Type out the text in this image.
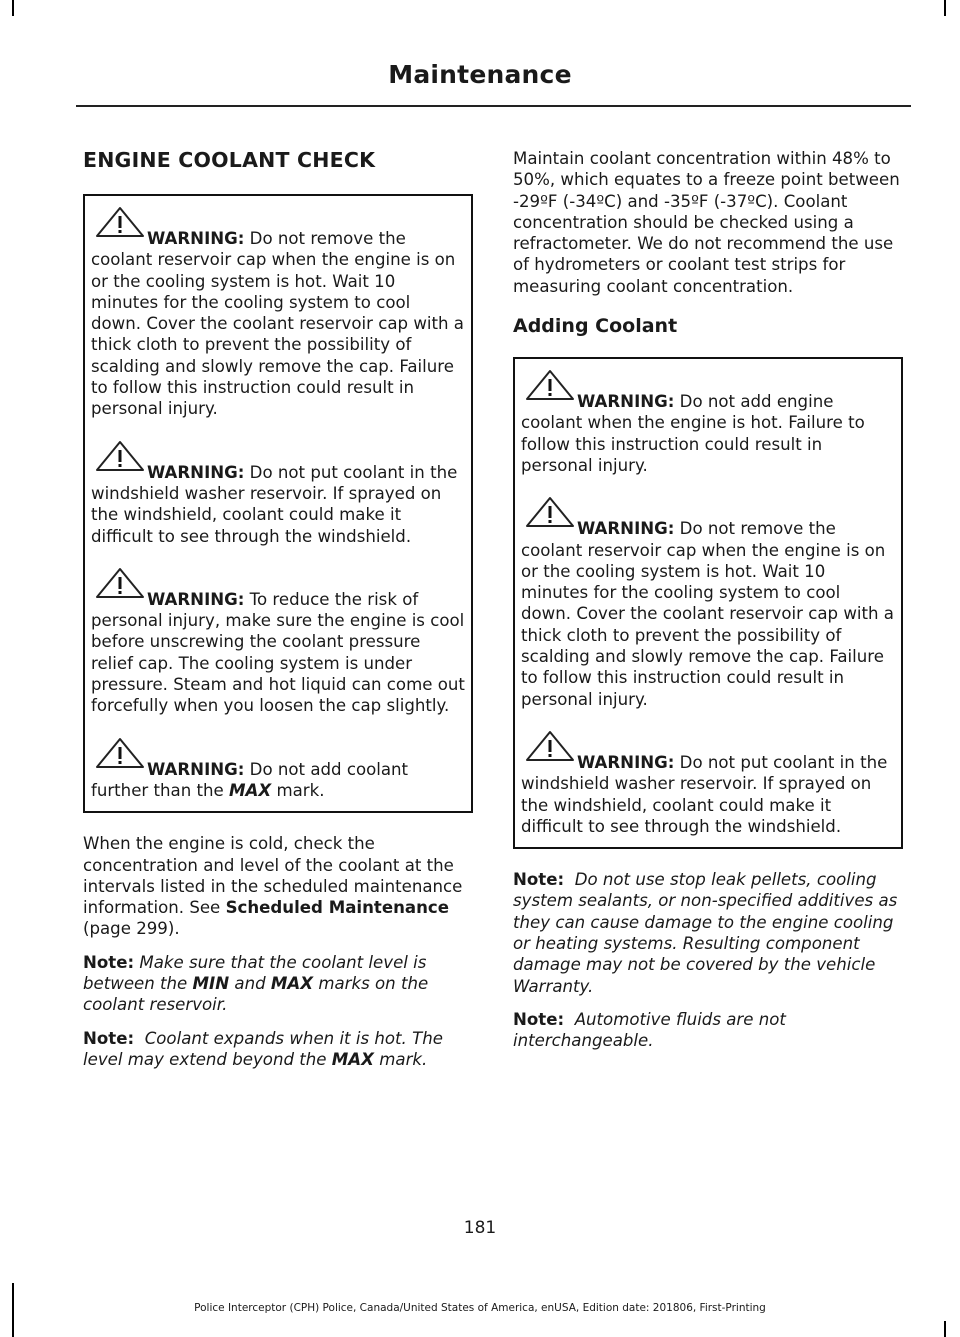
Maintenance
ENGINE COOLANT CHECK

WARNING: Do not remove the coolant reservoir cap when the engine is on or the cooling system is hot. Wait 10 minutes for the cooling system to cool down. Cover the coolant reservoir cap with a thick cloth to prevent the possibility of scalding and slowly remove the cap. Failure to follow this instruction could result in personal injury.

WARNING: Do not put coolant in the windshield washer reservoir. If sprayed on the windshield, coolant could make it difficult to see through the windshield.

WARNING: To reduce the risk of personal injury, make sure the engine is cool before unscrewing the coolant pressure relief cap. The cooling system is under pressure. Steam and hot liquid can come out forcefully when you loosen the cap slightly.

WARNING: Do not add coolant further than the MAX mark.

When the engine is cold, check the concentration and level of the coolant at the intervals listed in the scheduled maintenance information. See Scheduled Maintenance (page 299).

Note: Make sure that the coolant level is between the MIN and MAX marks on the coolant reservoir.

Note: Coolant expands when it is hot. The level may extend beyond the MAX mark.

Maintain coolant concentration within 48% to 50%, which equates to a freeze point between -29ºF (-34ºC) and -35ºF (-37ºC). Coolant concentration should be checked using a refractometer. We do not recommend the use of hydrometers or coolant test strips for measuring coolant concentration.

Adding Coolant

WARNING: Do not add engine coolant when the engine is hot. Failure to follow this instruction could result in personal injury.

WARNING: Do not remove the coolant reservoir cap when the engine is on or the cooling system is hot. Wait 10 minutes for the cooling system to cool down. Cover the coolant reservoir cap with a thick cloth to prevent the possibility of scalding and slowly remove the cap. Failure to follow this instruction could result in personal injury.

WARNING: Do not put coolant in the windshield washer reservoir. If sprayed on the windshield, coolant could make it difficult to see through the windshield.

Note: Do not use stop leak pellets, cooling system sealants, or non-specified additives as they can cause damage to the engine cooling or heating systems. Resulting component damage may not be covered by the vehicle Warranty.

Note: Automotive fluids are not interchangeable.

181
Police Interceptor (CPH) Police, Canada/United States of America, enUSA, Edition date: 201806, First-Printing
